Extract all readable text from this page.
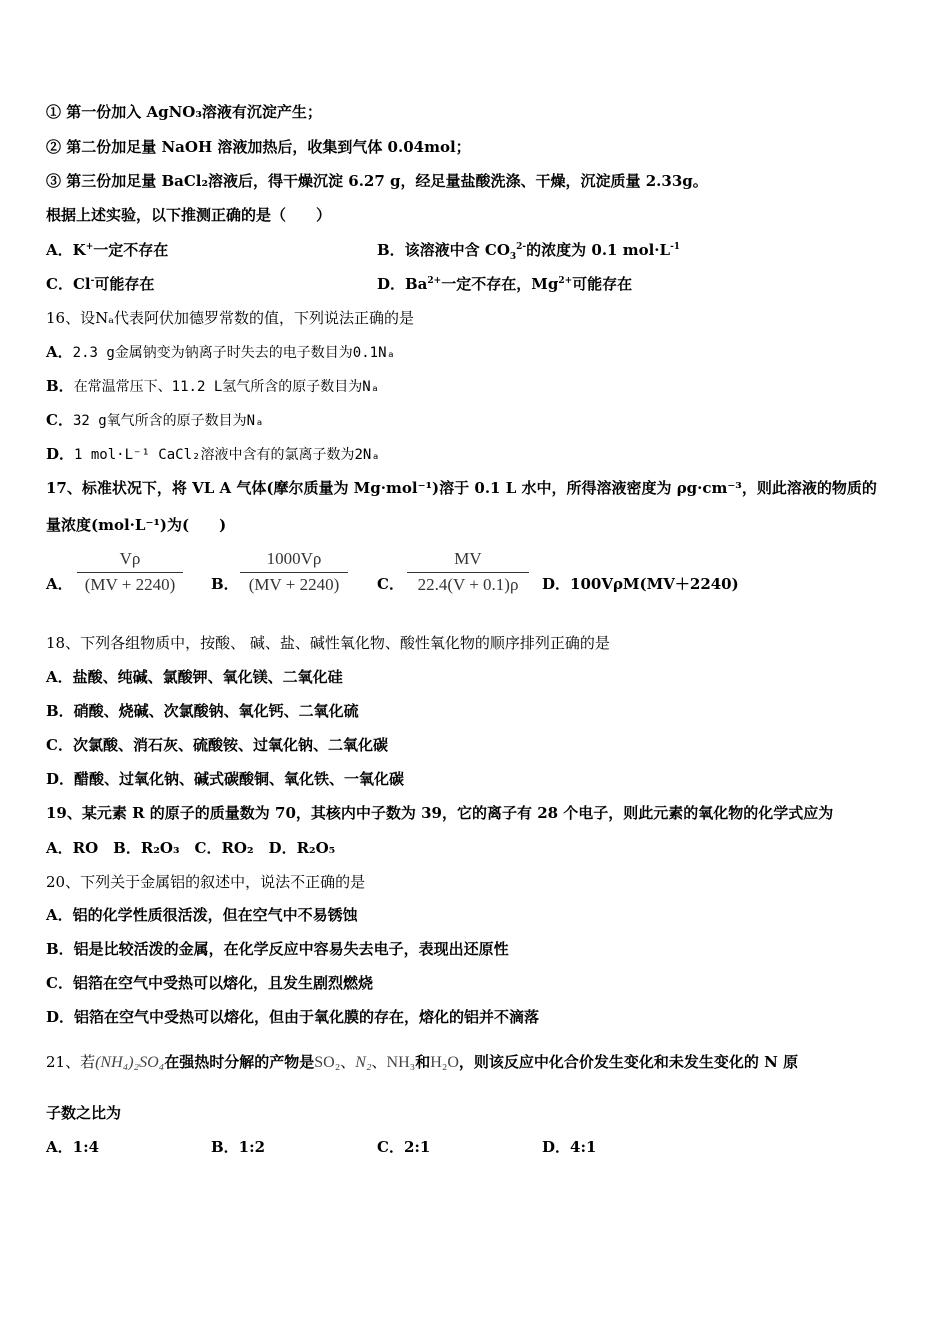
① 第一份加入 AgNO₃溶液有沉淀产生；
② 第二份加足量 NaOH 溶液加热后，收集到气体 0.04mol；
③ 第三份加足量 BaCl₂溶液后，得干燥沉淀 6.27 g，经足量盐酸洗涤、干燥，沉淀质量 2.33g。
根据上述实验，以下推测正确的是（　　）
A．K+一定不存在	B．该溶液中含 $CO_3^{2-}$的浓度为 0.1 $mol\cdot L^{-1}$
C．Cl-可能存在	D．$Ba^{2+}$一定不存在，$Mg^{2+}$可能存在
16、设Nₐ代表阿伏加德罗常数的值，下列说法正确的是
A．2.3 g金属钠变为钠离子时失去的电子数目为0.1Nₐ
B．在常温常压下、11.2 L氢气所含的原子数目为Nₐ
C．32 g氧气所含的原子数目为Nₐ
D．1 mol·L⁻¹ CaCl₂溶液中含有的氯离子数为2Nₐ
17、标准状况下，将 VL A 气体(摩尔质量为 Mg·mol⁻¹)溶于 0.1 L 水中，所得溶液密度为 ρg·cm⁻³，则此溶液的物质的
量浓度(mol·L⁻¹)为(　　)
A．
Vρ
(MV + 2240)	B．
1000Vρ
(MV + 2240)	C．
MV
22.4(V + 0.1)ρ	D．100VρM(MV＋2240)
18、下列各组物质中，按酸、 碱、盐、碱性氧化物、酸性氧化物的顺序排列正确的是
A．盐酸、纯碱、氯酸钾、氧化镁、二氧化硅
B．硝酸、烧碱、次氯酸钠、氧化钙、二氧化硫
C．次氯酸、消石灰、硫酸铵、过氧化钠、二氧化碳
D．醋酸、过氧化钠、碱式碳酸铜、氧化铁、一氧化碳
19、某元素 R 的原子的质量数为 70，其核内中子数为 39，它的离子有 28 个电子，则此元素的氧化物的化学式应为
A．RO　B．R₂O₃　C．RO₂　D．R₂O₅
20、下列关于金属铝的叙述中，说法不正确的是
A．铝的化学性质很活泼，但在空气中不易锈蚀
B．铝是比较活泼的金属，在化学反应中容易失去电子，表现出还原性
C．铝箔在空气中受热可以熔化，且发生剧烈燃烧
D．铝箔在空气中受热可以熔化，但由于氧化膜的存在，熔化的铝并不滴落
21、若(NH₄)₂SO₄在强热时分解的产物是SO₂、N₂、NH₃和H₂O，则该反应中化合价发生变化和未发生变化的 N 原
子数之比为
A．1:4	B．1:2	C．2:1	D．4:1
